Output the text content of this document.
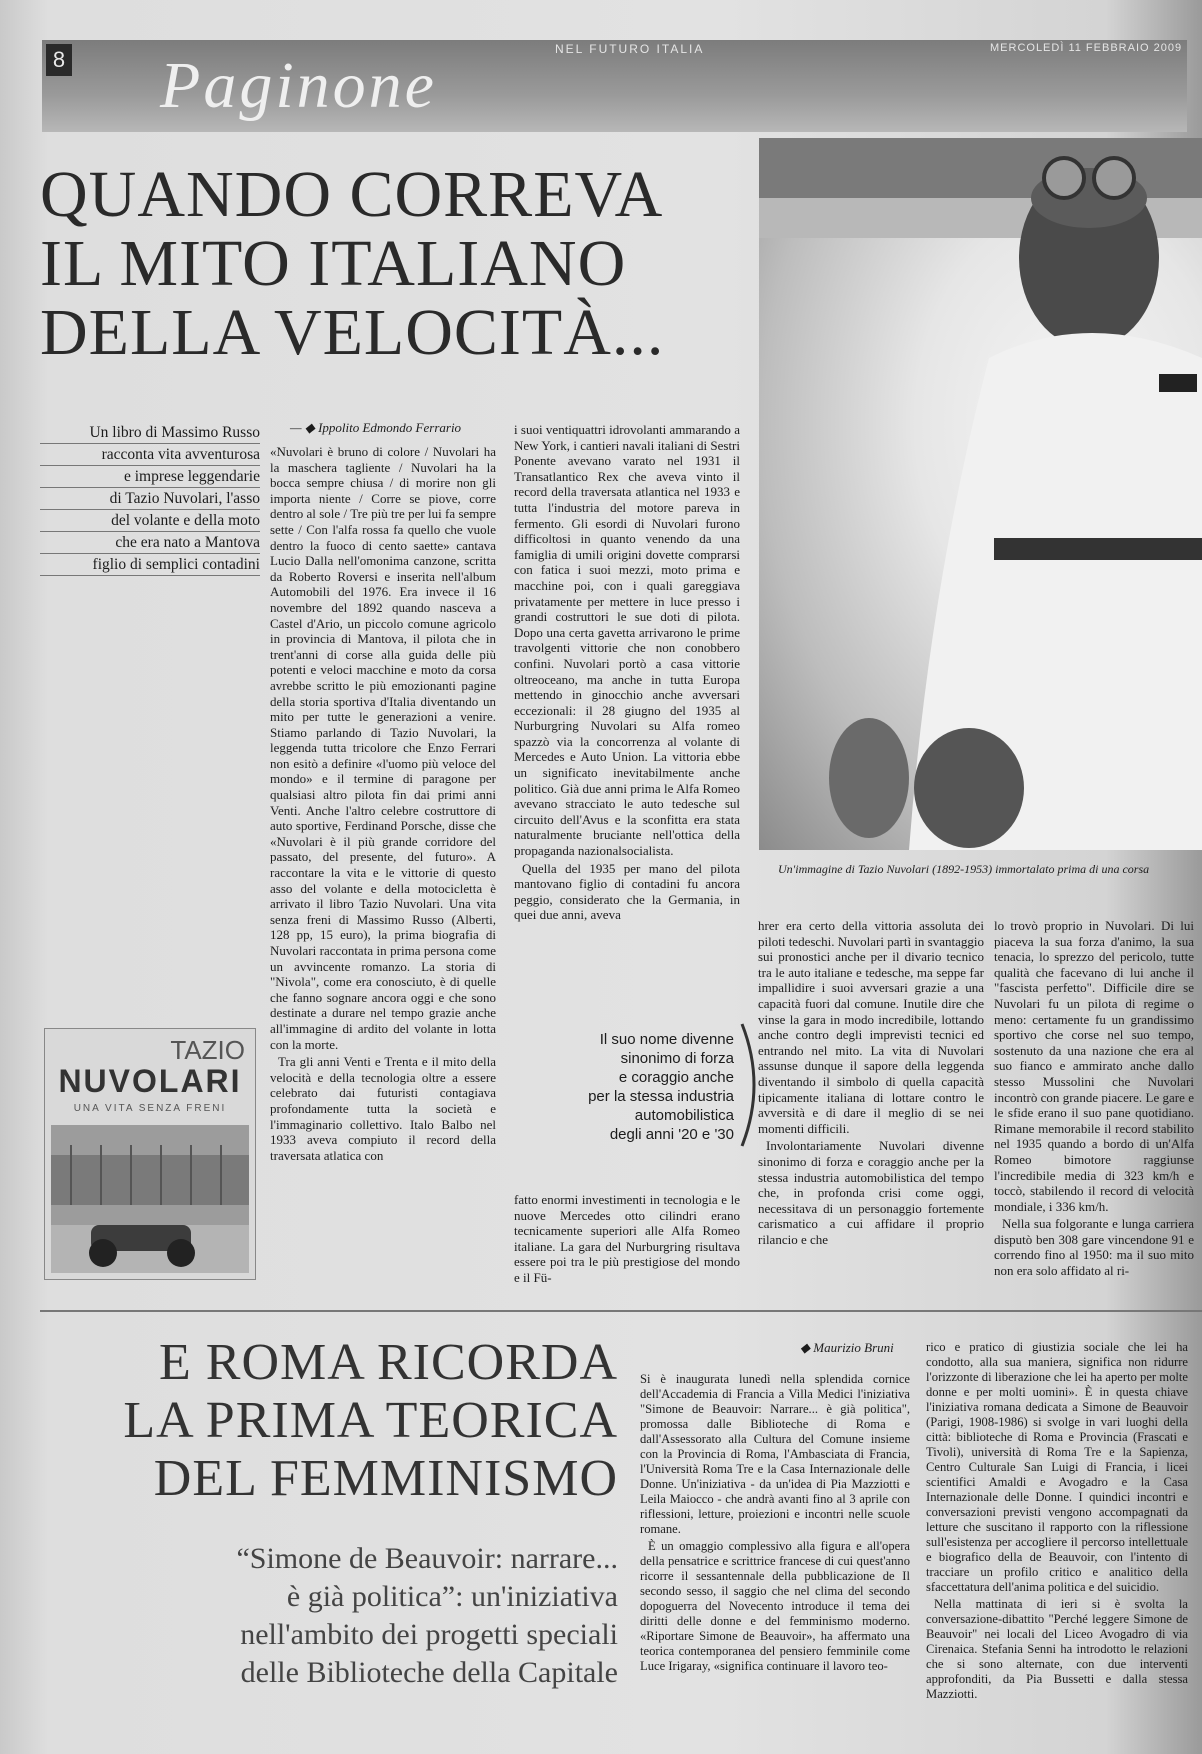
8 Paginone	NEL FUTURO ITALIA	MERCOLEDÌ 11 FEBBRAIO 2009
QUANDO CORREVA
IL MITO ITALIANO
DELLA VELOCITÀ...
Un'immagine di Tazio Nuvolari (1892-1953) immortalato prima di una corsa
Un libro di Massimo Russo
racconta vita avventurosa
e imprese leggendarie
di Tazio Nuvolari, l'asso
del volante e della moto
che era nato a Mantova
figlio di semplici contadini
— ◆ Ippolito Edmondo Ferrario

«Nuvolari è bruno di colore / Nuvolari ha la maschera tagliente / Nuvolari ha la bocca sempre chiusa / di morire non gli importa niente / Corre se piove, corre dentro al sole / Tre più tre per lui fa sempre sette / Con l'alfa rossa fa quello che vuole dentro la fuoco di cento saette» cantava Lucio Dalla nell'omonima canzone, scritta da Roberto Roversi e inserita nell'album Automobili del 1976. Era invece il 16 novembre del 1892 quando nasceva a Castel d'Ario, un piccolo comune agricolo in provincia di Mantova, il pilota che in trent'anni di corse alla guida delle più potenti e veloci macchine e moto da corsa avrebbe scritto le più emozionanti pagine della storia sportiva d'Italia diventando un mito per tutte le generazioni a venire. Stiamo parlando di Tazio Nuvolari, la leggenda tutta tricolore che Enzo Ferrari non esitò a definire «l'uomo più veloce del mondo» e il termine di paragone per qualsiasi altro pilota fin dai primi anni Venti. Anche l'altro celebre costruttore di auto sportive, Ferdinand Porsche, disse che «Nuvolari è il più grande corridore del passato, del presente, del futuro». A raccontare la vita e le vittorie di questo asso del volante e della motocicletta è arrivato il libro Tazio Nuvolari. Una vita senza freni di Massimo Russo (Alberti, 128 pp, 15 euro), la prima biografia di Nuvolari raccontata in prima persona come un avvincente romanzo. La storia di "Nivola", come era conosciuto, è di quelle che fanno sognare ancora oggi e che sono destinate a durare nel tempo grazie anche all'immagine di ardito del volante in lotta con la morte.

Tra gli anni Venti e Trenta e il mito della velocità e della tecnologia oltre a essere celebrato dai futuristi contagiava profondamente tutta la società e l'immaginario collettivo. Italo Balbo nel 1933 aveva compiuto il record della traversata atlatica con

i suoi ventiquattri idrovolanti ammarando a New York, i cantieri navali italiani di Sestri Ponente avevano varato nel 1931 il Transatlantico Rex che aveva vinto il record della traversata atlantica nel 1933 e tutta l'industria del motore pareva in fermento. Gli esordi di Nuvolari furono difficoltosi in quanto venendo da una famiglia di umili origini dovette comprarsi con fatica i suoi mezzi, moto prima e macchine poi, con i quali gareggiava privatamente per mettere in luce presso i grandi costruttori le sue doti di pilota. Dopo una certa gavetta arrivarono le prime travolgenti vittorie che non conobbero confini. Nuvolari portò a casa vittorie oltreoceano, ma anche in tutta Europa mettendo in ginocchio anche avversari eccezionali: il 28 giugno del 1935 al Nurburgring Nuvolari su Alfa romeo spazzò via la concorrenza al volante di Mercedes e Auto Union. La vittoria ebbe un significato inevitabilmente anche politico. Già due anni prima le Alfa Romeo avevano stracciato le auto tedesche sul circuito dell'Avus e la sconfitta era stata naturalmente bruciante nell'ottica della propaganda nazionalsocialista.

Quella del 1935 per mano del pilota mantovano figlio di contadini fu ancora peggio, considerato che la Germania, in quei due anni, aveva

Il suo nome divenne
sinonimo di forza
e coraggio anche
per la stessa industria
automobilistica
degli anni '20 e '30

fatto enormi investimenti in tecnologia e le nuove Mercedes otto cilindri erano tecnicamente superiori alle Alfa Romeo italiane. La gara del Nurburgring risultava essere poi tra le più prestigiose del mondo e il Fü-

hrer era certo della vittoria assoluta dei piloti tedeschi. Nuvolari partì in svantaggio sui pronostici anche per il divario tecnico tra le auto italiane e tedesche, ma seppe far impallidire i suoi avversari grazie a una capacità fuori dal comune. Inutile dire che vinse la gara in modo incredibile, lottando anche contro degli imprevisti tecnici ed entrando nel mito. La vita di Nuvolari assunse dunque il sapore della leggenda diventando il simbolo di quella capacità tipicamente italiana di lottare contro le avversità e di dare il meglio di se nei momenti difficili.

Involontariamente Nuvolari divenne sinonimo di forza e coraggio anche per la stessa industria automobilistica del tempo che, in profonda crisi come oggi, necessitava di un personaggio fortemente carismatico a cui affidare il proprio rilancio e che

lo trovò proprio in Nuvolari. Di lui piaceva la sua forza d'animo, la sua tenacia, lo sprezzo del pericolo, tutte qualità che facevano di lui anche il "fascista perfetto". Difficile dire se Nuvolari fu un pilota di regime o meno: certamente fu un grandissimo sportivo che corse nel suo tempo, sostenuto da una nazione che era al suo fianco e ammirato anche dallo stesso Mussolini che Nuvolari incontrò con grande piacere. Le gare e le sfide erano il suo pane quotidiano. Rimane memorabile il record stabilito nel 1935 quando a bordo di un'Alfa Romeo bimotore raggiunse l'incredibile media di 323 km/h e toccò, stabilendo il record di velocità mondiale, i 336 km/h.

Nella sua folgorante e lunga carriera disputò ben 308 gare vincendone 91 e correndo fino al 1950: ma il suo mito non era solo affidato al ri-

TAZIO
NUVOLARI
UNA VITA SENZA FRENI
E ROMA RICORDA
LA PRIMA TEORICA
DEL FEMMINISMO
“Simone de Beauvoir: narrare...
è già politica”: un'iniziativa
nell'ambito dei progetti speciali
delle Biblioteche della Capitale
◆ Maurizio Bruni

Si è inaugurata lunedì nella splendida cornice dell'Accademia di Francia a Villa Medici l'iniziativa "Simone de Beauvoir: Narrare... è già politica", promossa dalle Biblioteche di Roma e dall'Assessorato alla Cultura del Comune insieme con la Provincia di Roma, l'Ambasciata di Francia, l'Università Roma Tre e la Casa Internazionale delle Donne. Un'iniziativa - da un'idea di Pia Mazziotti e Leila Maiocco - che andrà avanti fino al 3 aprile con riflessioni, letture, proiezioni e incontri nelle scuole romane.

È un omaggio complessivo alla figura e all'opera della pensatrice e scrittrice francese di cui quest'anno ricorre il sessantennale della pubblicazione de Il secondo sesso, il saggio che nel clima del secondo dopoguerra del Novecento introduce il tema dei diritti delle donne e del femminismo moderno. «Riportare Simone de Beauvoir», ha affermato una teorica contemporanea del pensiero femminile come Luce Irigaray, «significa continuare il lavoro teo-

rico e pratico di giustizia sociale che lei ha condotto, alla sua maniera, significa non ridurre l'orizzonte di liberazione che lei ha aperto per molte donne e per molti uomini». È in questa chiave l'iniziativa romana dedicata a Simone de Beauvoir (Parigi, 1908-1986) si svolge in vari luoghi della città: biblioteche di Roma e Provincia (Frascati e Tivoli), università di Roma Tre e la Sapienza, Centro Culturale San Luigi di Francia, i licei scientifici Amaldi e Avogadro e la Casa Internazionale delle Donne. I quindici incontri e conversazioni previsti vengono accompagnati da letture che suscitano il rapporto con la riflessione sull'esistenza per accogliere il percorso intellettuale e biografico della de Beauvoir, con l'intento di tracciare un profilo critico e analitico della sfaccettatura dell'anima politica e del suicidio.

Nella mattinata di ieri si è svolta la conversazione-dibattito "Perché leggere Simone de Beauvoir" nei locali del Liceo Avogadro di via Cirenaica. Stefania Senni ha introdotto le relazioni che si sono alternate, con due interventi approfonditi, da Pia Bussetti e dalla stessa Mazziotti.
